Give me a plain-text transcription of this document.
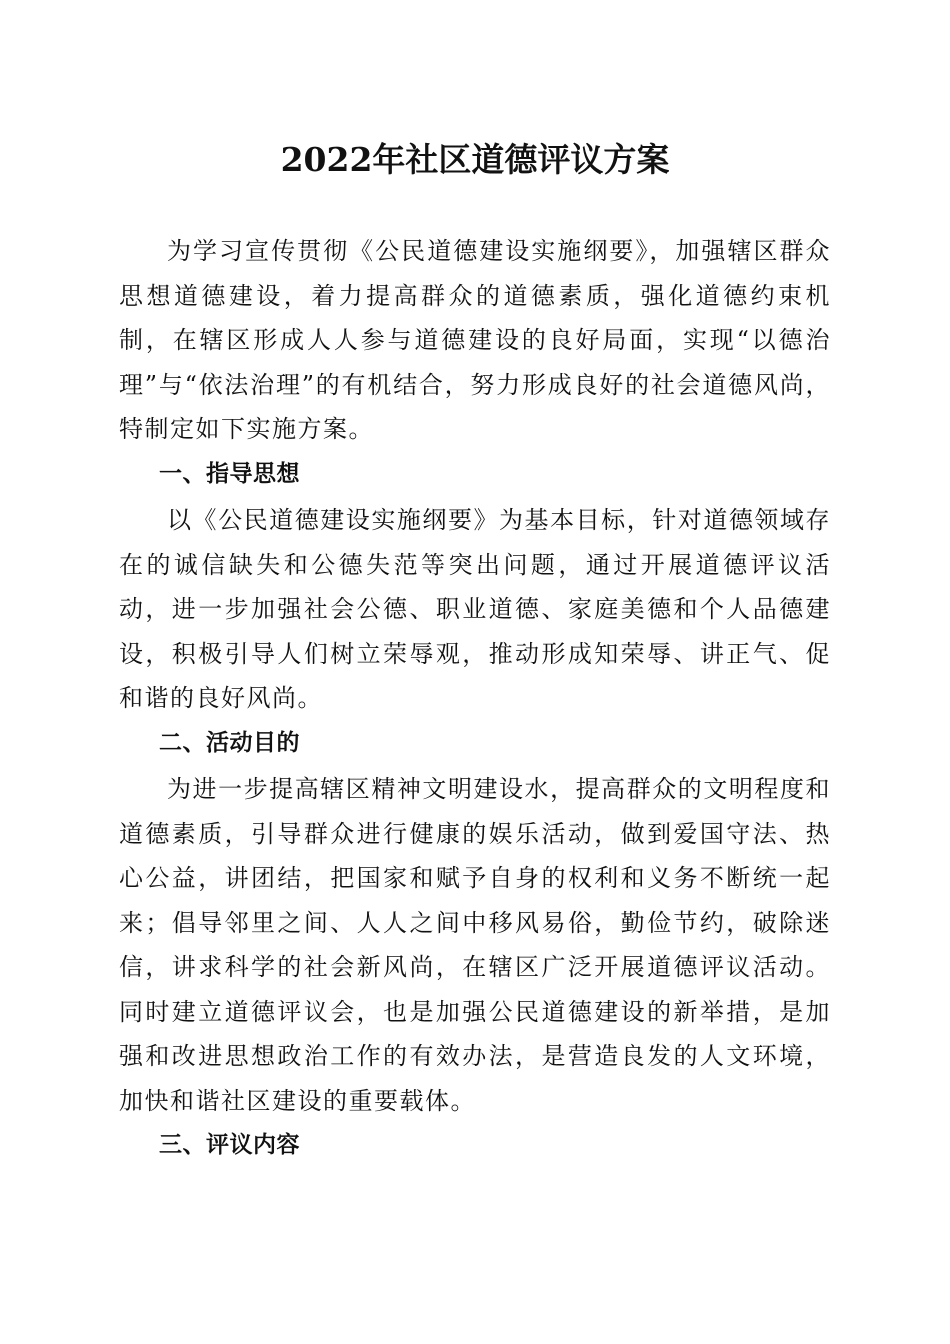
2022年社区道德评议方案

为学习宣传贯彻《公民道德建设实施纲要》，加强辖区群众思想道德建设，着力提高群众的道德素质，强化道德约束机制，在辖区形成人人参与道德建设的良好局面，实现“以德治理”与“依法治理”的有机结合，努力形成良好的社会道德风尚，特制定如下实施方案。

一、指导思想

以《公民道德建设实施纲要》为基本目标，针对道德领域存在的诚信缺失和公德失范等突出问题，通过开展道德评议活动，进一步加强社会公德、职业道德、家庭美德和个人品德建设，积极引导人们树立荣辱观，推动形成知荣辱、讲正气、促和谐的良好风尚。

二、活动目的

为进一步提高辖区精神文明建设水，提高群众的文明程度和道德素质，引导群众进行健康的娱乐活动，做到爱国守法、热心公益，讲团结，把国家和赋予自身的权利和义务不断统一起来；倡导邻里之间、人人之间中移风易俗，勤俭节约，破除迷信，讲求科学的社会新风尚，在辖区广泛开展道德评议活动。同时建立道德评议会，也是加强公民道德建设的新举措，是加强和改进思想政治工作的有效办法，是营造良发的人文环境，加快和谐社区建设的重要载体。

三、评议内容
